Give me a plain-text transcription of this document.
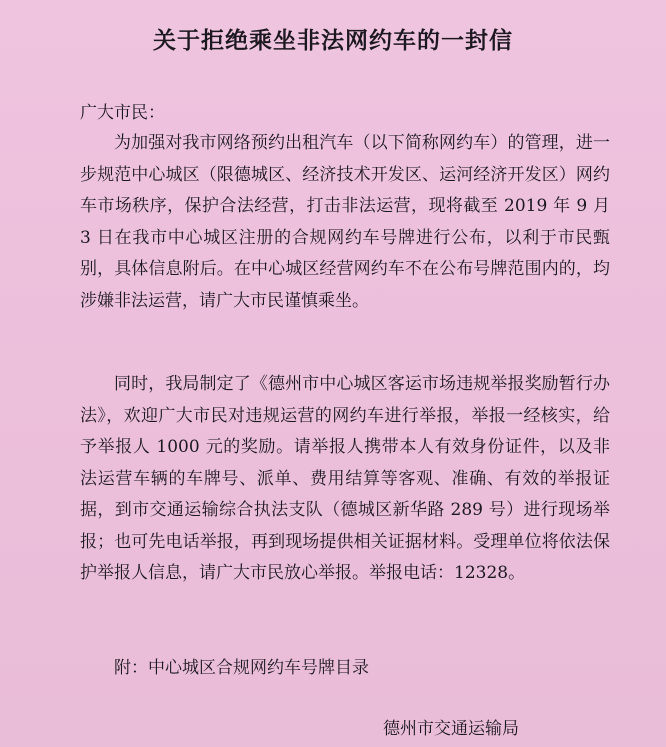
关于拒绝乘坐非法网约车的一封信
广大市民：

为加强对我市网络预约出租汽车（以下简称网约车）的管理，进一步规范中心城区（限德城区、经济技术开发区、运河经济开发区）网约车市场秩序，保护合法经营，打击非法运营，现将截至 2019 年 9 月 3 日在我市中心城区注册的合规网约车号牌进行公布，以利于市民甄别，具体信息附后。在中心城区经营网约车不在公布号牌范围内的，均涉嫌非法运营，请广大市民谨慎乘坐。

同时，我局制定了《德州市中心城区客运市场违规举报奖励暂行办法》，欢迎广大市民对违规运营的网约车进行举报，举报一经核实，给予举报人 1000 元的奖励。请举报人携带本人有效身份证件，以及非法运营车辆的车牌号、派单、费用结算等客观、准确、有效的举报证据，到市交通运输综合执法支队（德城区新华路 289 号）进行现场举报；也可先电话举报，再到现场提供相关证据材料。受理单位将依法保护举报人信息，请广大市民放心举报。举报电话：12328。

附：中心城区合规网约车号牌目录
德州市交通运输局
